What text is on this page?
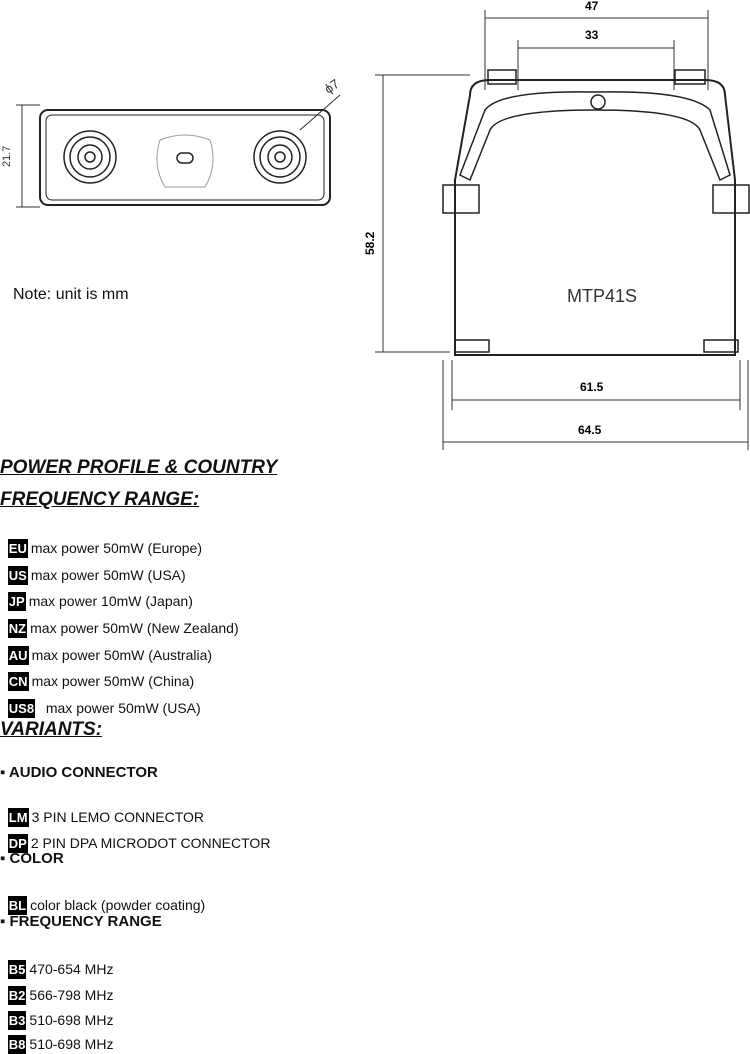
21.7
ϕ7
47
33
58.2
MTP41S
61.5
64.5
Note: unit is mm
POWER PROFILE & COUNTRY
FREQUENCY RANGE:

EU max power 50mW (Europe)

US max power 50mW (USA)

JP max power 10mW (Japan)

NZ max power 50mW (New Zealand)

AU max power 50mW (Australia)

CN max power 50mW (China)

US8  max power 50mW (USA)

VARIANTS:
▪ AUDIO CONNECTOR

LM 3 PIN LEMO CONNECTOR

DP 2 PIN DPA MICRODOT CONNECTOR

▪ COLOR

BL color black (powder coating)

▪ FREQUENCY RANGE

B5 470-654 MHz

B2 566-798 MHz

B3 510-698 MHz

B8 510-698 MHz
